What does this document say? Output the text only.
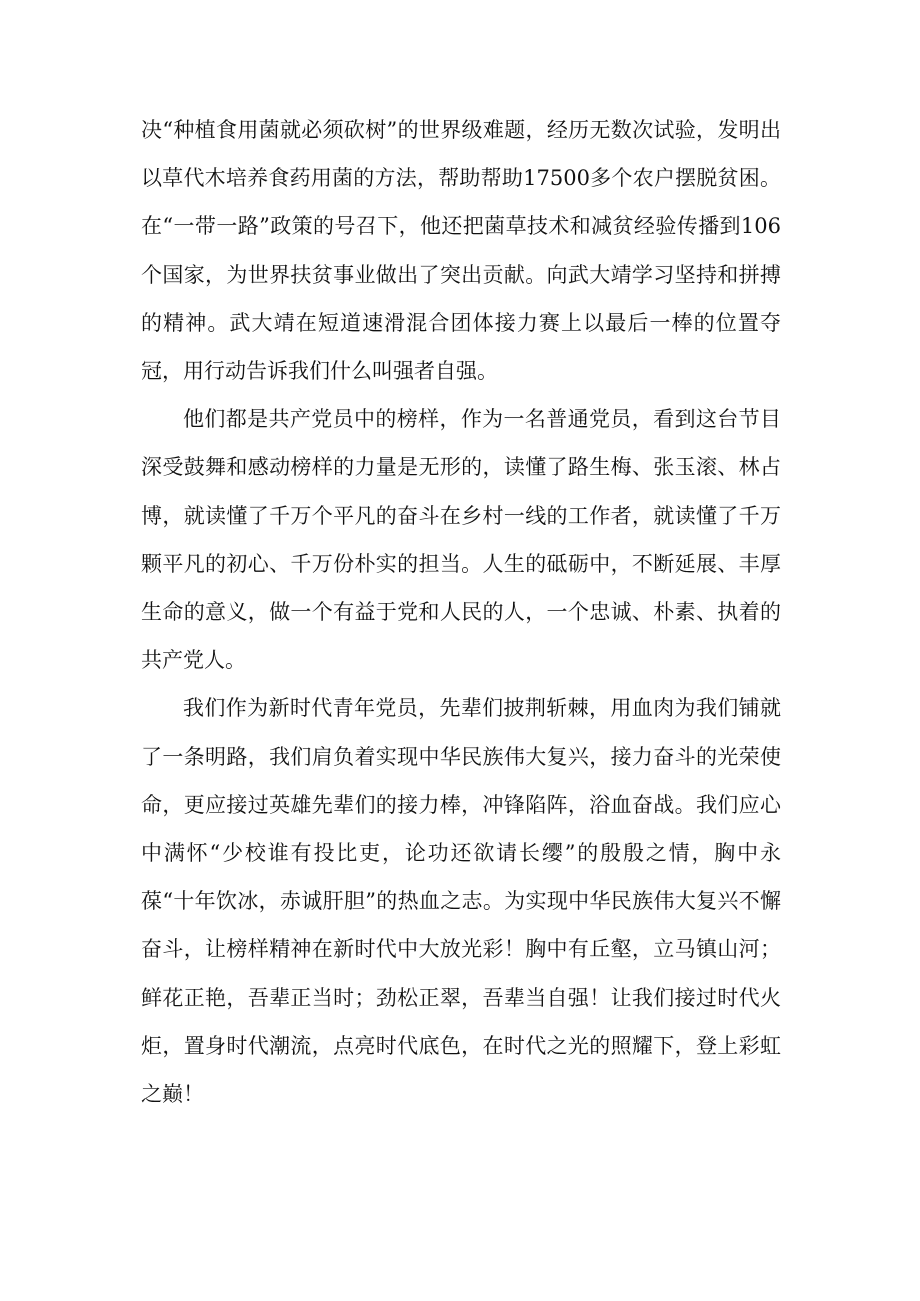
决“种植食用菌就必须砍树”的世界级难题，经历无数次试验，发明出以草代木培养食药用菌的方法，帮助帮助17500多个农户摆脱贫困。在“一带一路”政策的号召下，他还把菌草技术和减贫经验传播到106个国家，为世界扶贫事业做出了突出贡献。向武大靖学习坚持和拼搏的精神。武大靖在短道速滑混合团体接力赛上以最后一棒的位置夺冠，用行动告诉我们什么叫强者自强。

他们都是共产党员中的榜样，作为一名普通党员，看到这台节目深受鼓舞和感动榜样的力量是无形的，读懂了路生梅、张玉滚、林占博，就读懂了千万个平凡的奋斗在乡村一线的工作者，就读懂了千万颗平凡的初心、千万份朴实的担当。人生的砥砺中，不断延展、丰厚生命的意义，做一个有益于党和人民的人，一个忠诚、朴素、执着的共产党人。

我们作为新时代青年党员，先辈们披荆斩棘，用血肉为我们铺就了一条明路，我们肩负着实现中华民族伟大复兴，接力奋斗的光荣使命，更应接过英雄先辈们的接力棒，冲锋陷阵，浴血奋战。我们应心中满怀“少校谁有投比吏，论功还欲请长缨”的殷殷之情，胸中永葆“十年饮冰，赤诚肝胆”的热血之志。为实现中华民族伟大复兴不懈奋斗，让榜样精神在新时代中大放光彩！胸中有丘壑，立马镇山河；鲜花正艳，吾辈正当时；劲松正翠，吾辈当自强！让我们接过时代火炬，置身时代潮流，点亮时代底色，在时代之光的照耀下，登上彩虹之巅！
